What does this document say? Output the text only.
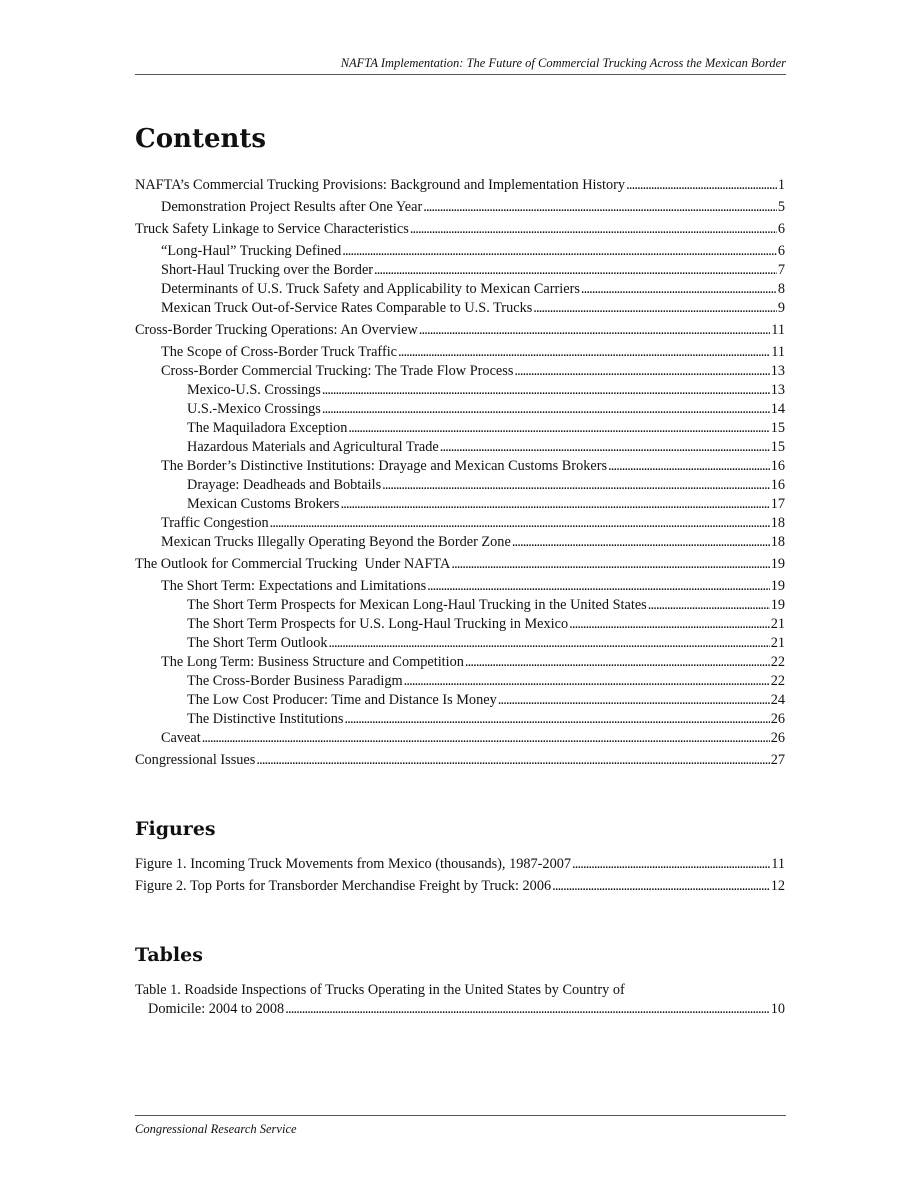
NAFTA Implementation: The Future of Commercial Trucking Across the Mexican Border
Contents
NAFTA’s Commercial Trucking Provisions: Background and Implementation History . . .	1
Demonstration Project Results after One Year . . .	5
Truck Safety Linkage to Service Characteristics . . .	6
“Long-Haul” Trucking Defined . . .	6
Short-Haul Trucking over the Border . . .	7
Determinants of U.S. Truck Safety and Applicability to Mexican Carriers . . .	8
Mexican Truck Out-of-Service Rates Comparable to U.S. Trucks . . .	9
Cross-Border Trucking Operations: An Overview . . .	11
The Scope of Cross-Border Truck Traffic . . .	11
Cross-Border Commercial Trucking: The Trade Flow Process . . .	13
Mexico-U.S. Crossings . . .	13
U.S.-Mexico Crossings . . .	14
The Maquiladora Exception . . .	15
Hazardous Materials and Agricultural Trade . . .	15
The Border’s Distinctive Institutions: Drayage and Mexican Customs Brokers . . .	16
Drayage: Deadheads and Bobtails . . .	16
Mexican Customs Brokers . . .	17
Traffic Congestion . . .	18
Mexican Trucks Illegally Operating Beyond the Border Zone . . .	18
The Outlook for Commercial Trucking  Under NAFTA . . .	19
The Short Term: Expectations and Limitations . . .	19
The Short Term Prospects for Mexican Long-Haul Trucking in the United States . . .	19
The Short Term Prospects for U.S. Long-Haul Trucking in Mexico . . .	21
The Short Term Outlook . . .	21
The Long Term: Business Structure and Competition . . .	22
The Cross-Border Business Paradigm . . .	22
The Low Cost Producer: Time and Distance Is Money . . .	24
The Distinctive Institutions . . .	26
Caveat . . .	26
Congressional Issues . . .	27
Figures
Figure 1. Incoming Truck Movements from Mexico (thousands), 1987-2007 . . .	11
Figure 2. Top Ports for Transborder Merchandise Freight by Truck: 2006 . . .	12
Tables
Table 1. Roadside Inspections of Trucks Operating in the United States by Country of
Domicile: 2004 to 2008 . . .	10
Congressional Research Service
